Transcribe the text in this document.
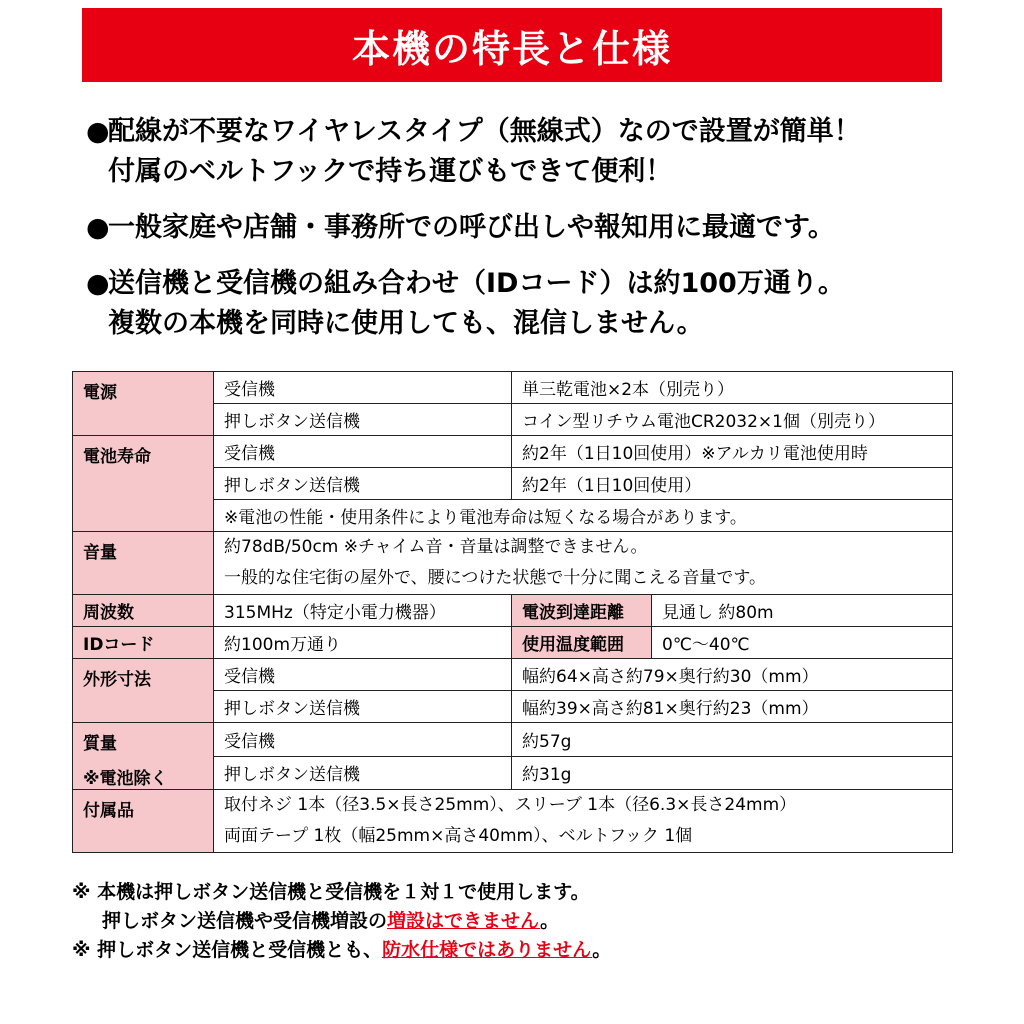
本機の特長と仕様
●配線が不要なワイヤレスタイプ（無線式）なので設置が簡単！
付属のベルトフックで持ち運びもできて便利！
●一般家庭や店舗・事務所での呼び出しや報知用に最適です。
●送信機と受信機の組み合わせ（IDコード）は約100万通り。
複数の本機を同時に使用しても、混信しません。
電源	受信機	単三乾電池×2本（別売り）	
	押しボタン送信機	コイン型リチウム電池CR2032×1個（別売り）	
電池寿命	受信機	約2年（1日10回使用）※アルカリ電池使用時	
	押しボタン送信機	約2年（1日10回使用）	
	※電池の性能・使用条件により電池寿命は短くなる場合があります。		
音量	約78dB/50cm ※チャイム音・音量は調整できません。
一般的な住宅街の屋外で、腰につけた状態で十分に聞こえる音量です。		

周波数	315MHz（特定小電力機器）	電波到達距離	見通し 約80m
IDコード	約100m万通り	使用温度範囲	0℃～40℃
外形寸法	受信機	幅約64×高さ約79×奥行約30（mm）	
	押しボタン送信機	幅約39×高さ約81×奥行約23（mm）	

質量
※電池除く	受信機	約57g	
	押しボタン送信機	約31g	
付属品	取付ネジ 1本（径3.5×長さ25mm）、スリーブ 1本（径6.3×長さ24mm）
両面テープ 1枚（幅25mm×高さ40mm）、ベルトフック 1個		
※ 本機は押しボタン送信機と受信機を１対１で使用します。
押しボタン送信機や受信機増設の増設はできません。
※ 押しボタン送信機と受信機とも、防水仕様ではありません。
